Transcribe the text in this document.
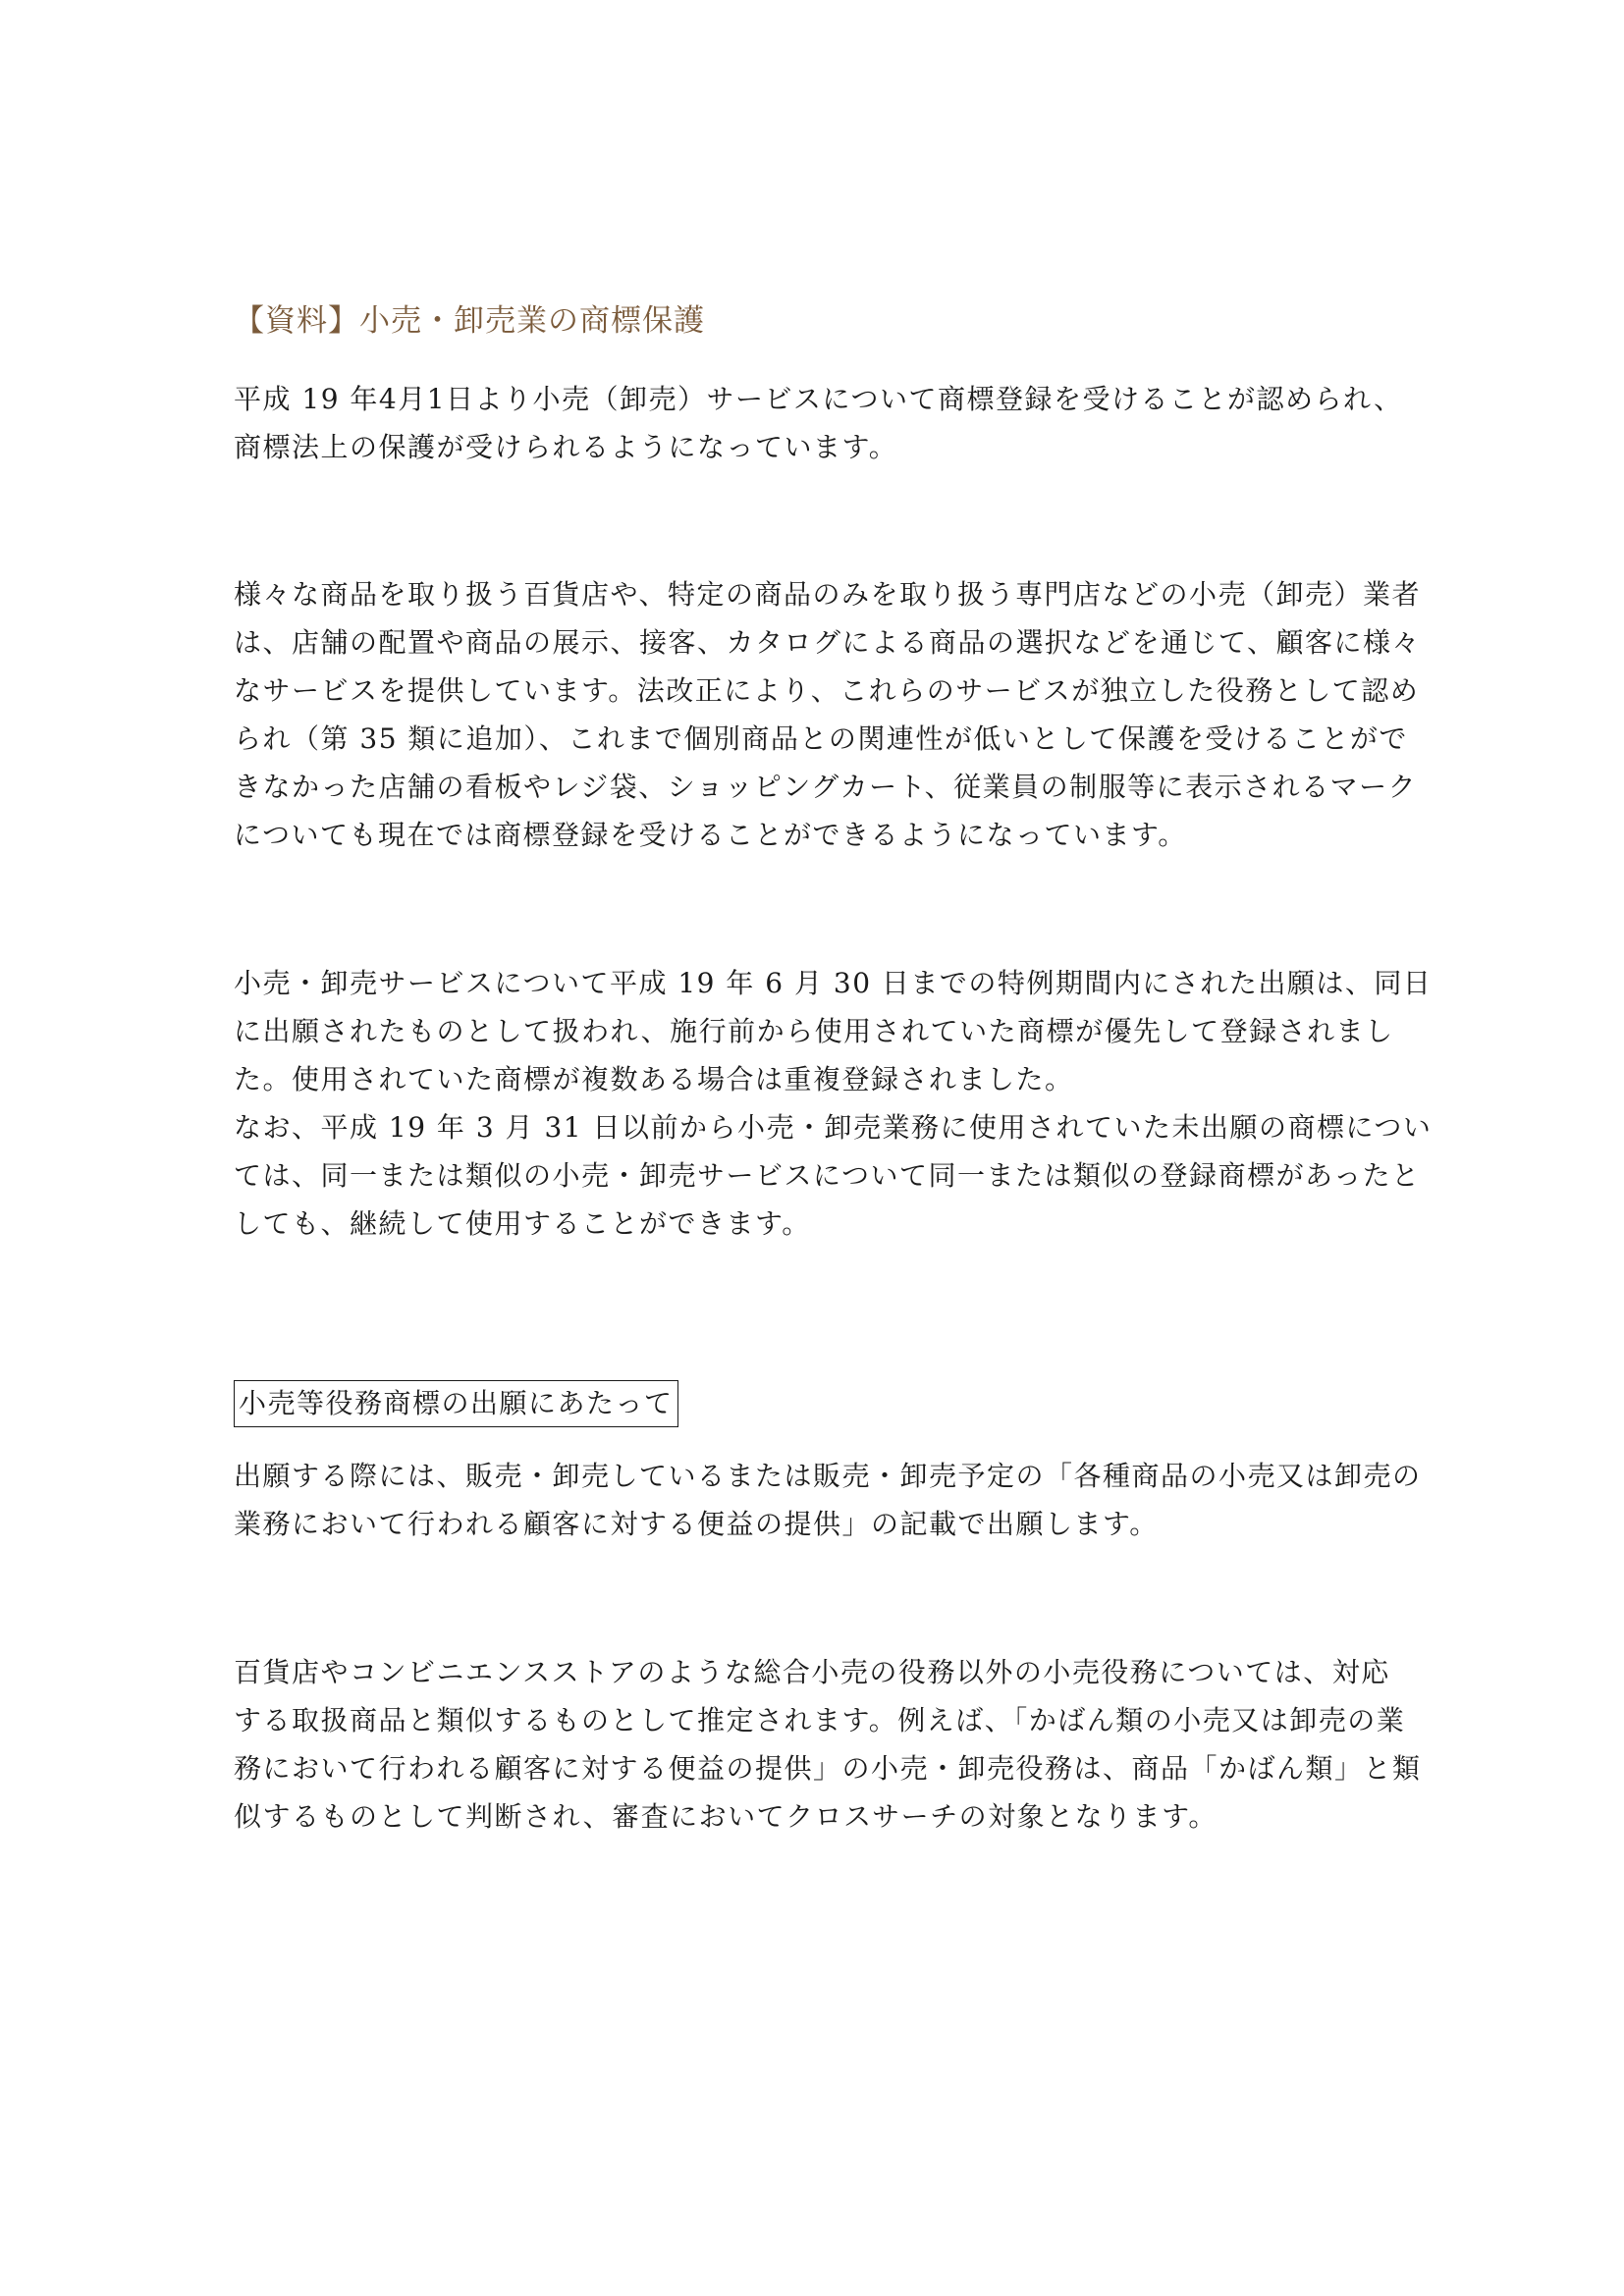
【資料】小売・卸売業の商標保護
平成 19 年4月1日より小売（卸売）サービスについて商標登録を受けることが認められ、
商標法上の保護が受けられるようになっています。
様々な商品を取り扱う百貨店や、特定の商品のみを取り扱う専門店などの小売（卸売）業者
は、店舗の配置や商品の展示、接客、カタログによる商品の選択などを通じて、顧客に様々
なサービスを提供しています。法改正により、これらのサービスが独立した役務として認め
られ（第 35 類に追加）、これまで個別商品との関連性が低いとして保護を受けることがで
きなかった店舗の看板やレジ袋、ショッピングカート、従業員の制服等に表示されるマーク
についても現在では商標登録を受けることができるようになっています。
小売・卸売サービスについて平成 19 年 6 月 30 日までの特例期間内にされた出願は、同日
に出願されたものとして扱われ、施行前から使用されていた商標が優先して登録されまし
た。使用されていた商標が複数ある場合は重複登録されました。
なお、平成 19 年 3 月 31 日以前から小売・卸売業務に使用されていた未出願の商標につい
ては、同一または類似の小売・卸売サービスについて同一または類似の登録商標があったと
しても、継続して使用することができます。
小売等役務商標の出願にあたって
出願する際には、販売・卸売しているまたは販売・卸売予定の「各種商品の小売又は卸売の
業務において行われる顧客に対する便益の提供」の記載で出願します。
百貨店やコンビニエンスストアのような総合小売の役務以外の小売役務については、対応
する取扱商品と類似するものとして推定されます。例えば、「かばん類の小売又は卸売の業
務において行われる顧客に対する便益の提供」の小売・卸売役務は、商品「かばん類」と類
似するものとして判断され、審査においてクロスサーチの対象となります。
